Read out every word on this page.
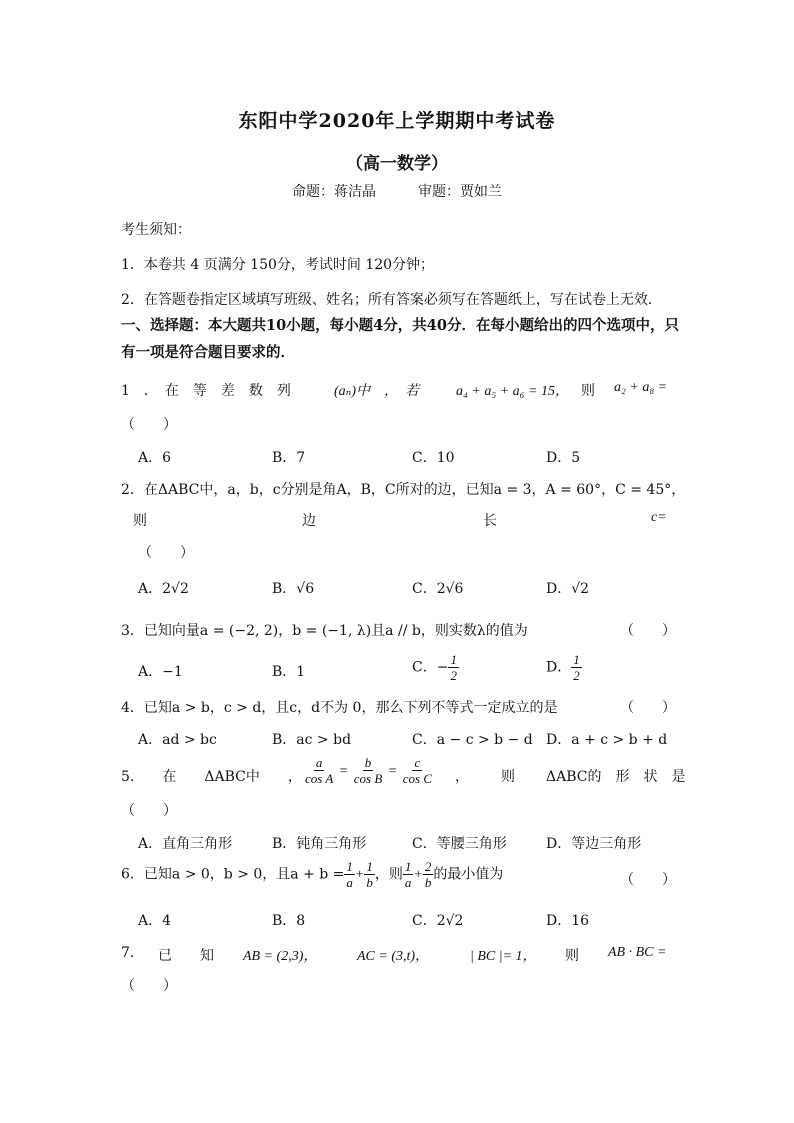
东阳中学2020年上学期期中考试卷
（高一数学）
命题：蒋洁晶　　　审题：贾如兰
考生须知：
1．本卷共 4 页满分 150分，考试时间 120分钟；
2．在答题卷指定区域填写班级、姓名；所有答案必须写在答题纸上，写在试卷上无效．
一、选择题：本大题共10小题，每小题4分，共40分．在每小题给出的四个选项中，只
有一项是符合题目要求的．
1　．　在　等　差　数　列	(aₙ)中　，　若	a₄ + a₅ + a₆ = 15， 则 a₂ + a₈ =
（　　）
A．6	B．7	C．10	D．5
2．在ΔABC中，a，b，c分别是角A，B，C所对的边，已知a = 3，A = 60°，C = 45°，
则	边	长	c=
（　　）
A．2√2	B．√6	C．2√6	D．√2
3．已知向量a = (−2, 2)，b = (−1, λ)且a // b，则实数λ的值为	（　　）
A．−1	B．1	C．− $\frac{1}{2}$	D． $\frac{1}{2}$
4．已知a > b，c > d，且c，d不为 0，那么下列不等式一定成立的是	（　　）
A．ad > bc	B．ac > bd	C．a − c > b − d D．a + c > b + d
5.　　在　　ΔABC中　　， $\frac{a}{\text{cos A}} = \frac{b}{\text{cos B}} = \frac{c}{\text{cos C}}$ ， 则 ΔABC的　形　状　是
（　　）
A．直角三角形	B．钝角三角形	C．等腰三角形	D．等边三角形
6．已知a > 0，b > 0，且$a + b = \frac{1}{a} + \frac{1}{b}$ ，则 $\frac{1}{a} + \frac{2}{b}$ 的最小值为	（　　）
A．4	B．8	C．2√2	D．16
7. 已 知 AB = (2,3)，	AC = (3,t)，	| BC |= 1， 则 AB · BC =
（　　）
